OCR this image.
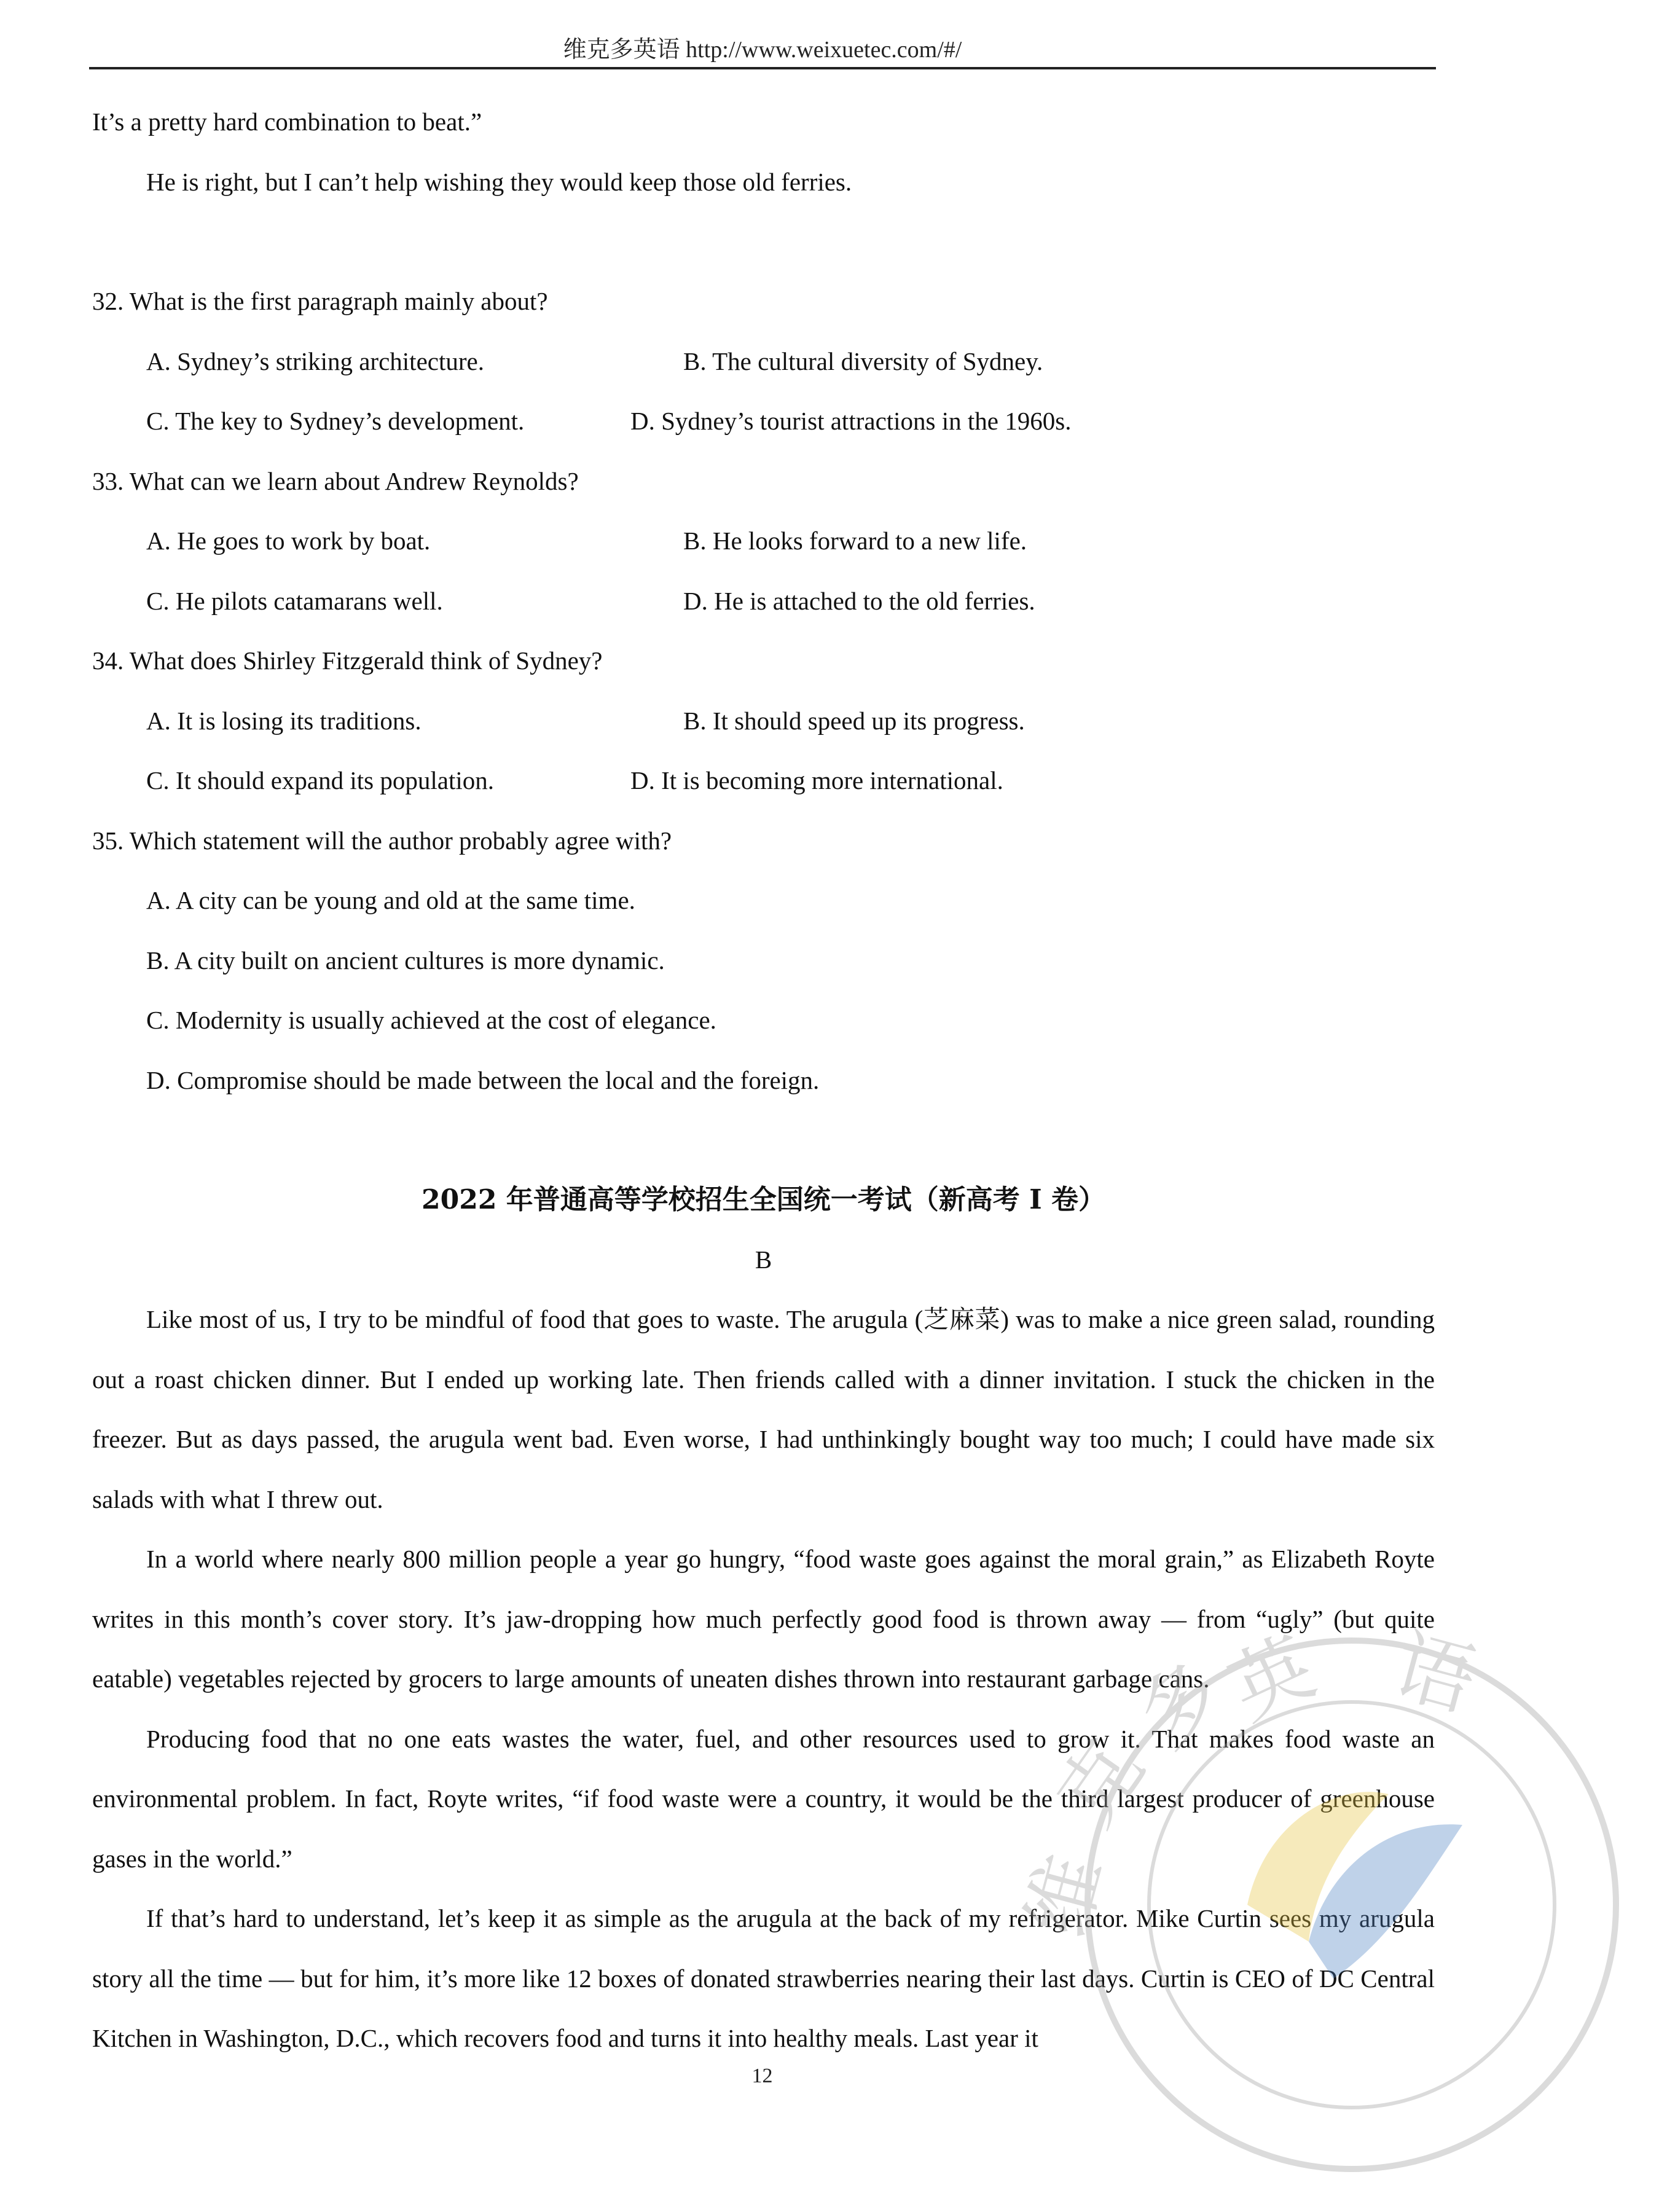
维克多英语 http://www.weixuetec.com/#/

It’s a pretty hard combination to beat.”

He is right, but I can’t help wishing they would keep those old ferries.

32. What is the first paragraph mainly about?

A. Sydney’s striking architecture.	B. The cultural diversity of Sydney.
C. The key to Sydney’s development.	D. Sydney’s tourist attractions in the 1960s.

33. What can we learn about Andrew Reynolds?

A. He goes to work by boat.	B. He looks forward to a new life.
C. He pilots catamarans well.	D. He is attached to the old ferries.

34. What does Shirley Fitzgerald think of Sydney?

A. It is losing its traditions.	B. It should speed up its progress.
C. It should expand its population.	D. It is becoming more international.

35. Which statement will the author probably agree with?

A. A city can be young and old at the same time.

B. A city built on ancient cultures is more dynamic.

C. Modernity is usually achieved at the cost of elegance.

D. Compromise should be made between the local and the foreign.

2022 年普通高等学校招生全国统一考试（新高考 I 卷）
B

Like most of us, I try to be mindful of food that goes to waste. The arugula (芝麻菜) was to make a nice green salad, rounding out a roast chicken dinner. But I ended up working late. Then friends called with a dinner invitation. I stuck the chicken in the freezer. But as days passed, the arugula went bad. Even worse, I had unthinkingly bought way too much; I could have made six salads with what I threw out.

In a world where nearly 800 million people a year go hungry, “food waste goes against the moral grain,” as Elizabeth Royte writes in this month’s cover story. It’s jaw-dropping how much perfectly good food is thrown away — from “ugly” (but quite eatable) vegetables rejected by grocers to large amounts of uneaten dishes thrown into restaurant garbage cans.

Producing food that no one eats wastes the water, fuel, and other resources used to grow it. That makes food waste an environmental problem. In fact, Royte writes, “if food waste were a country, it would be the third largest producer of greenhouse gases in the world.”

If that’s hard to understand, let’s keep it as simple as the arugula at the back of my refrigerator. Mike Curtin sees my arugula story all the time — but for him, it’s more like 12 boxes of donated strawberries nearing their last days. Curtin is CEO of DC Central Kitchen in Washington, D.C., which recovers food and turns it into healthy meals. Last year it

12
英 语
维
克
多
